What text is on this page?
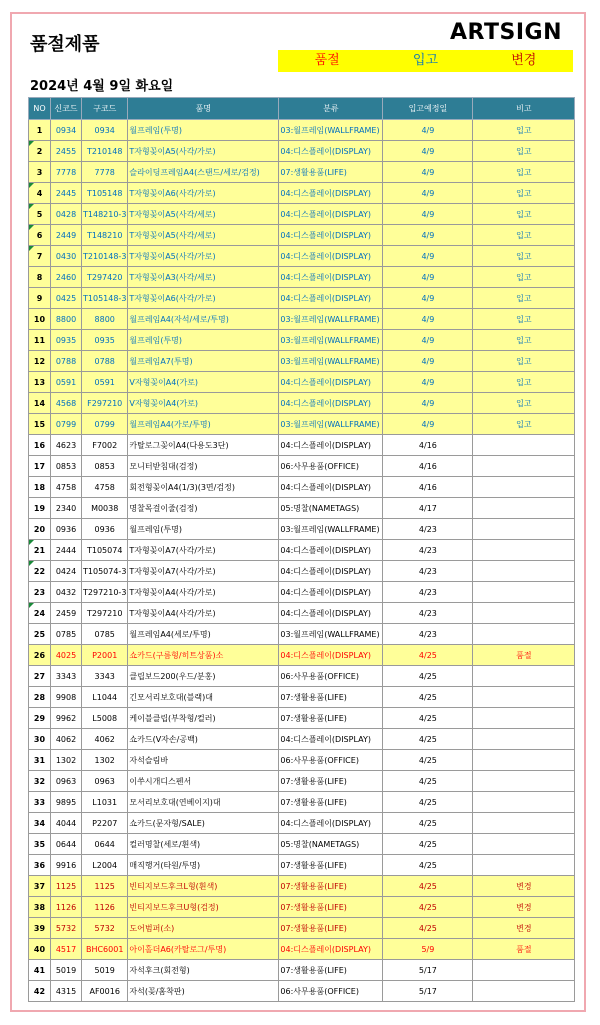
품절제품	ARTSIGN
품절	입고	변경
2024년 4월 9일 화요일
NO	신코드	구코드	품명	분류	입고예정일	비고
1	0934	0934	월프레임(투명)	03:월프레임(WALLFRAME)	4/9	입고

2	2455	T210148	T자형꽂이A5(사각/가로)	04:디스플레이(DISPLAY)	4/9	입고
3	7778	7778	슬라이딩프레임A4(스탠드/세로/검정)	07:생활용품(LIFE)	4/9	입고

4	2445	T105148	T자형꽂이A6(사각/가로)	04:디스플레이(DISPLAY)	4/9	입고

5	0428	T148210-3	T자형꽂이A5(사각/세로)	04:디스플레이(DISPLAY)	4/9	입고

6	2449	T148210	T자형꽂이A5(사각/세로)	04:디스플레이(DISPLAY)	4/9	입고

7	0430	T210148-3	T자형꽂이A5(사각/가로)	04:디스플레이(DISPLAY)	4/9	입고
8	2460	T297420	T자형꽂이A3(사각/세로)	04:디스플레이(DISPLAY)	4/9	입고
9	0425	T105148-3	T자형꽂이A6(사각/가로)	04:디스플레이(DISPLAY)	4/9	입고
10	8800	8800	월프레임A4(자석/세로/투명)	03:월프레임(WALLFRAME)	4/9	입고
11	0935	0935	월프레임(투명)	03:월프레임(WALLFRAME)	4/9	입고
12	0788	0788	월프레임A7(투명)	03:월프레임(WALLFRAME)	4/9	입고
13	0591	0591	V자형꽂이A4(가로)	04:디스플레이(DISPLAY)	4/9	입고
14	4568	F297210	V자형꽂이A4(가로)	04:디스플레이(DISPLAY)	4/9	입고
15	0799	0799	월프레임A4(가로/투명)	03:월프레임(WALLFRAME)	4/9	입고
16	4623	F7002	카탈로그꽂이A4(다용도3단)	04:디스플레이(DISPLAY)	4/16	
17	0853	0853	모니터받침대(검정)	06:사무용품(OFFICE)	4/16	
18	4758	4758	회전형꽂이A4(1/3)(3면/검정)	04:디스플레이(DISPLAY)	4/16	
19	2340	M0038	명찰목걸이줄(검정)	05:명찰(NAMETAGS)	4/17	
20	0936	0936	월프레임(투명)	03:월프레임(WALLFRAME)	4/23	

21	2444	T105074	T자형꽂이A7(사각/가로)	04:디스플레이(DISPLAY)	4/23	

22	0424	T105074-3	T자형꽂이A7(사각/가로)	04:디스플레이(DISPLAY)	4/23	
23	0432	T297210-3	T자형꽂이A4(사각/가로)	04:디스플레이(DISPLAY)	4/23	

24	2459	T297210	T자형꽂이A4(사각/가로)	04:디스플레이(DISPLAY)	4/23	
25	0785	0785	월프레임A4(세로/투명)	03:월프레임(WALLFRAME)	4/23	
26	4025	P2001	쇼카드(구름형/히트상품)소	04:디스플레이(DISPLAY)	4/25	품절
27	3343	3343	클립보드200(우드/분홍)	06:사무용품(OFFICE)	4/25	
28	9908	L1044	긴모서리보호대(블랙)대	07:생활용품(LIFE)	4/25	
29	9962	L5008	케이블클립(부착형/컬러)	07:생활용품(LIFE)	4/25	
30	4062	4062	쇼카드(V자손/공백)	04:디스플레이(DISPLAY)	4/25	
31	1302	1302	자석슬림바	06:사무용품(OFFICE)	4/25	
32	0963	0963	이쑤시개디스펜서	07:생활용품(LIFE)	4/25	
33	9895	L1031	모서리보호대(연베이지)대	07:생활용품(LIFE)	4/25	
34	4044	P2207	쇼카드(문자형/SALE)	04:디스플레이(DISPLAY)	4/25	
35	0644	0644	컬러명찰(세로/흰색)	05:명찰(NAMETAGS)	4/25	
36	9916	L2004	매직행거(타원/투명)	07:생활용품(LIFE)	4/25	
37	1125	1125	빈티지보드후크L형(흰색)	07:생활용품(LIFE)	4/25	변경
38	1126	1126	빈티지보드후크U형(검정)	07:생활용품(LIFE)	4/25	변경
39	5732	5732	도어범퍼(소)	07:생활용품(LIFE)	4/25	변경
40	4517	BHC6001	아이홀더A6(카탈로그/투명)	04:디스플레이(DISPLAY)	5/9	품절
41	5019	5019	자석후크(회전형)	07:생활용품(LIFE)	5/17	
42	4315	AF0016	자석(꽂/홈착판)	06:사무용품(OFFICE)	5/17	
